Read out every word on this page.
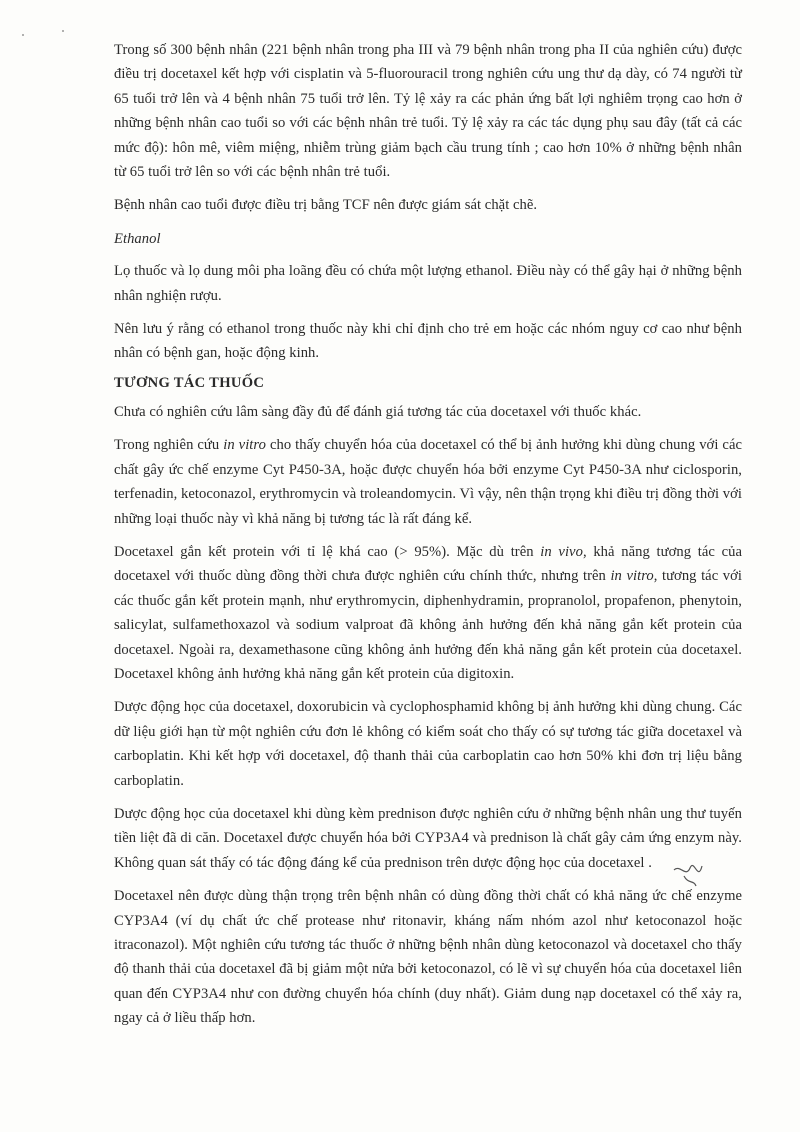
Trong số 300 bệnh nhân (221 bệnh nhân trong pha III và 79 bệnh nhân trong pha II của nghiên cứu) được điều trị docetaxel kết hợp với cisplatin và 5-fluorouracil trong nghiên cứu ung thư dạ dày, có 74 người từ 65 tuổi trở lên và 4 bệnh nhân 75 tuổi trở lên. Tỷ lệ xảy ra các phản ứng bất lợi nghiêm trọng cao hơn ở những bệnh nhân cao tuổi so với các bệnh nhân trẻ tuổi. Tỷ lệ xảy ra các tác dụng phụ sau đây (tất cả các mức độ): hôn mê, viêm miệng, nhiễm trùng giảm bạch cầu trung tính ; cao hơn 10% ở những bệnh nhân từ 65 tuổi trở lên so với các bệnh nhân trẻ tuổi.

Bệnh nhân cao tuổi được điều trị bằng TCF nên được giám sát chặt chẽ.

Ethanol

Lọ thuốc và lọ dung môi pha loãng đều có chứa một lượng ethanol. Điều này có thể gây hại ở những bệnh nhân nghiện rượu.

Nên lưu ý rằng có ethanol trong thuốc này khi chỉ định cho trẻ em hoặc các nhóm nguy cơ cao như bệnh nhân có bệnh gan, hoặc động kinh.

TƯƠNG TÁC THUỐC

Chưa có nghiên cứu lâm sàng đầy đủ để đánh giá tương tác của docetaxel với thuốc khác.

Trong nghiên cứu in vitro cho thấy chuyển hóa của docetaxel có thể bị ảnh hưởng khi dùng chung với các chất gây ức chế enzyme Cyt P450-3A, hoặc được chuyển hóa bởi enzyme Cyt P450-3A như ciclosporin, terfenadin, ketoconazol, erythromycin và troleandomycin. Vì vậy, nên thận trọng khi điều trị đồng thời với những loại thuốc này vì khả năng bị tương tác là rất đáng kể.

Docetaxel gắn kết protein với tỉ lệ khá cao (> 95%). Mặc dù trên in vivo, khả năng tương tác của docetaxel với thuốc dùng đồng thời chưa được nghiên cứu chính thức, nhưng trên in vitro, tương tác với các thuốc gắn kết protein mạnh, như erythromycin, diphenhydramin, propranolol, propafenon, phenytoin, salicylat, sulfamethoxazol và sodium valproat đã không ảnh hưởng đến khả năng gắn kết protein của docetaxel. Ngoài ra, dexamethasone cũng không ảnh hưởng đến khả năng gắn kết protein của docetaxel. Docetaxel không ảnh hưởng khả năng gắn kết protein của digitoxin.

Dược động học của docetaxel, doxorubicin và cyclophosphamid không bị ảnh hưởng khi dùng chung. Các dữ liệu giới hạn từ một nghiên cứu đơn lẻ không có kiểm soát cho thấy có sự tương tác giữa docetaxel và carboplatin. Khi kết hợp với docetaxel, độ thanh thải của carboplatin cao hơn 50% khi đơn trị liệu bằng carboplatin.

Dược động học của docetaxel khi dùng kèm prednison được nghiên cứu ở những bệnh nhân ung thư tuyến tiền liệt đã di căn. Docetaxel được chuyển hóa bởi CYP3A4 và prednison là chất gây cảm ứng enzym này. Không quan sát thấy có tác động đáng kể của prednison trên dược động học của docetaxel .

Docetaxel nên được dùng thận trọng trên bệnh nhân có dùng đồng thời chất có khả năng ức chế enzyme CYP3A4 (ví dụ chất ức chế protease như ritonavir, kháng nấm nhóm azol như ketoconazol hoặc itraconazol). Một nghiên cứu tương tác thuốc ở những bệnh nhân dùng ketoconazol và docetaxel cho thấy độ thanh thải của docetaxel đã bị giảm một nửa bởi ketoconazol, có lẽ vì sự chuyển hóa của docetaxel liên quan đến CYP3A4 như con đường chuyển hóa chính (duy nhất). Giảm dung nạp docetaxel có thể xảy ra, ngay cả ở liều thấp hơn.
